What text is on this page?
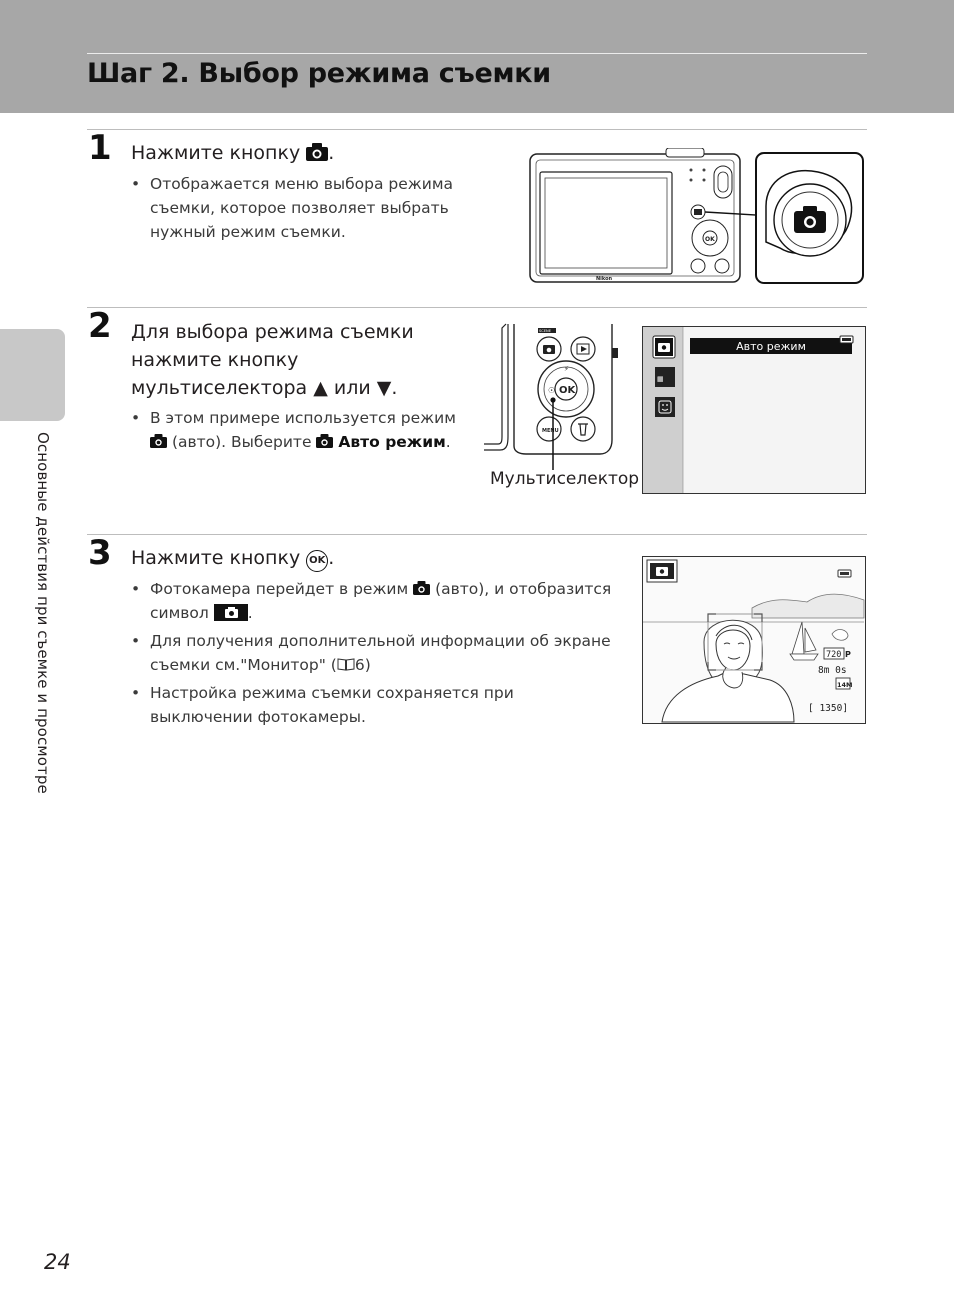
Шаг 2. Выбор режима съемки
Основные действия при съемке и просмотре
1 Нажмите кнопку .
• Отображается меню выбора режима
съемки, которое позволяет выбрать
нужный режим съемки.
Nikon
OK
2 Для выбора режима съемки
нажмите кнопку
мультиселектора ▲ или ▼.
• В этом примере используется режим
(авто). Выберите Авто режим.
SCENE
OK
⚡
☉
MENU
Мультиселектор
▦
Авто режим
3 Нажмите кнопку OK .
• Фотокамера перейдет в режим (авто), и отобразится
символ	.
• Для получения дополнительной информации об экране
съемки см."Монитор" ( 6)
• Настройка режима съемки сохраняется при
выключении фотокамеры.
720 P
8m 0s
14M
[ 1350]
24
